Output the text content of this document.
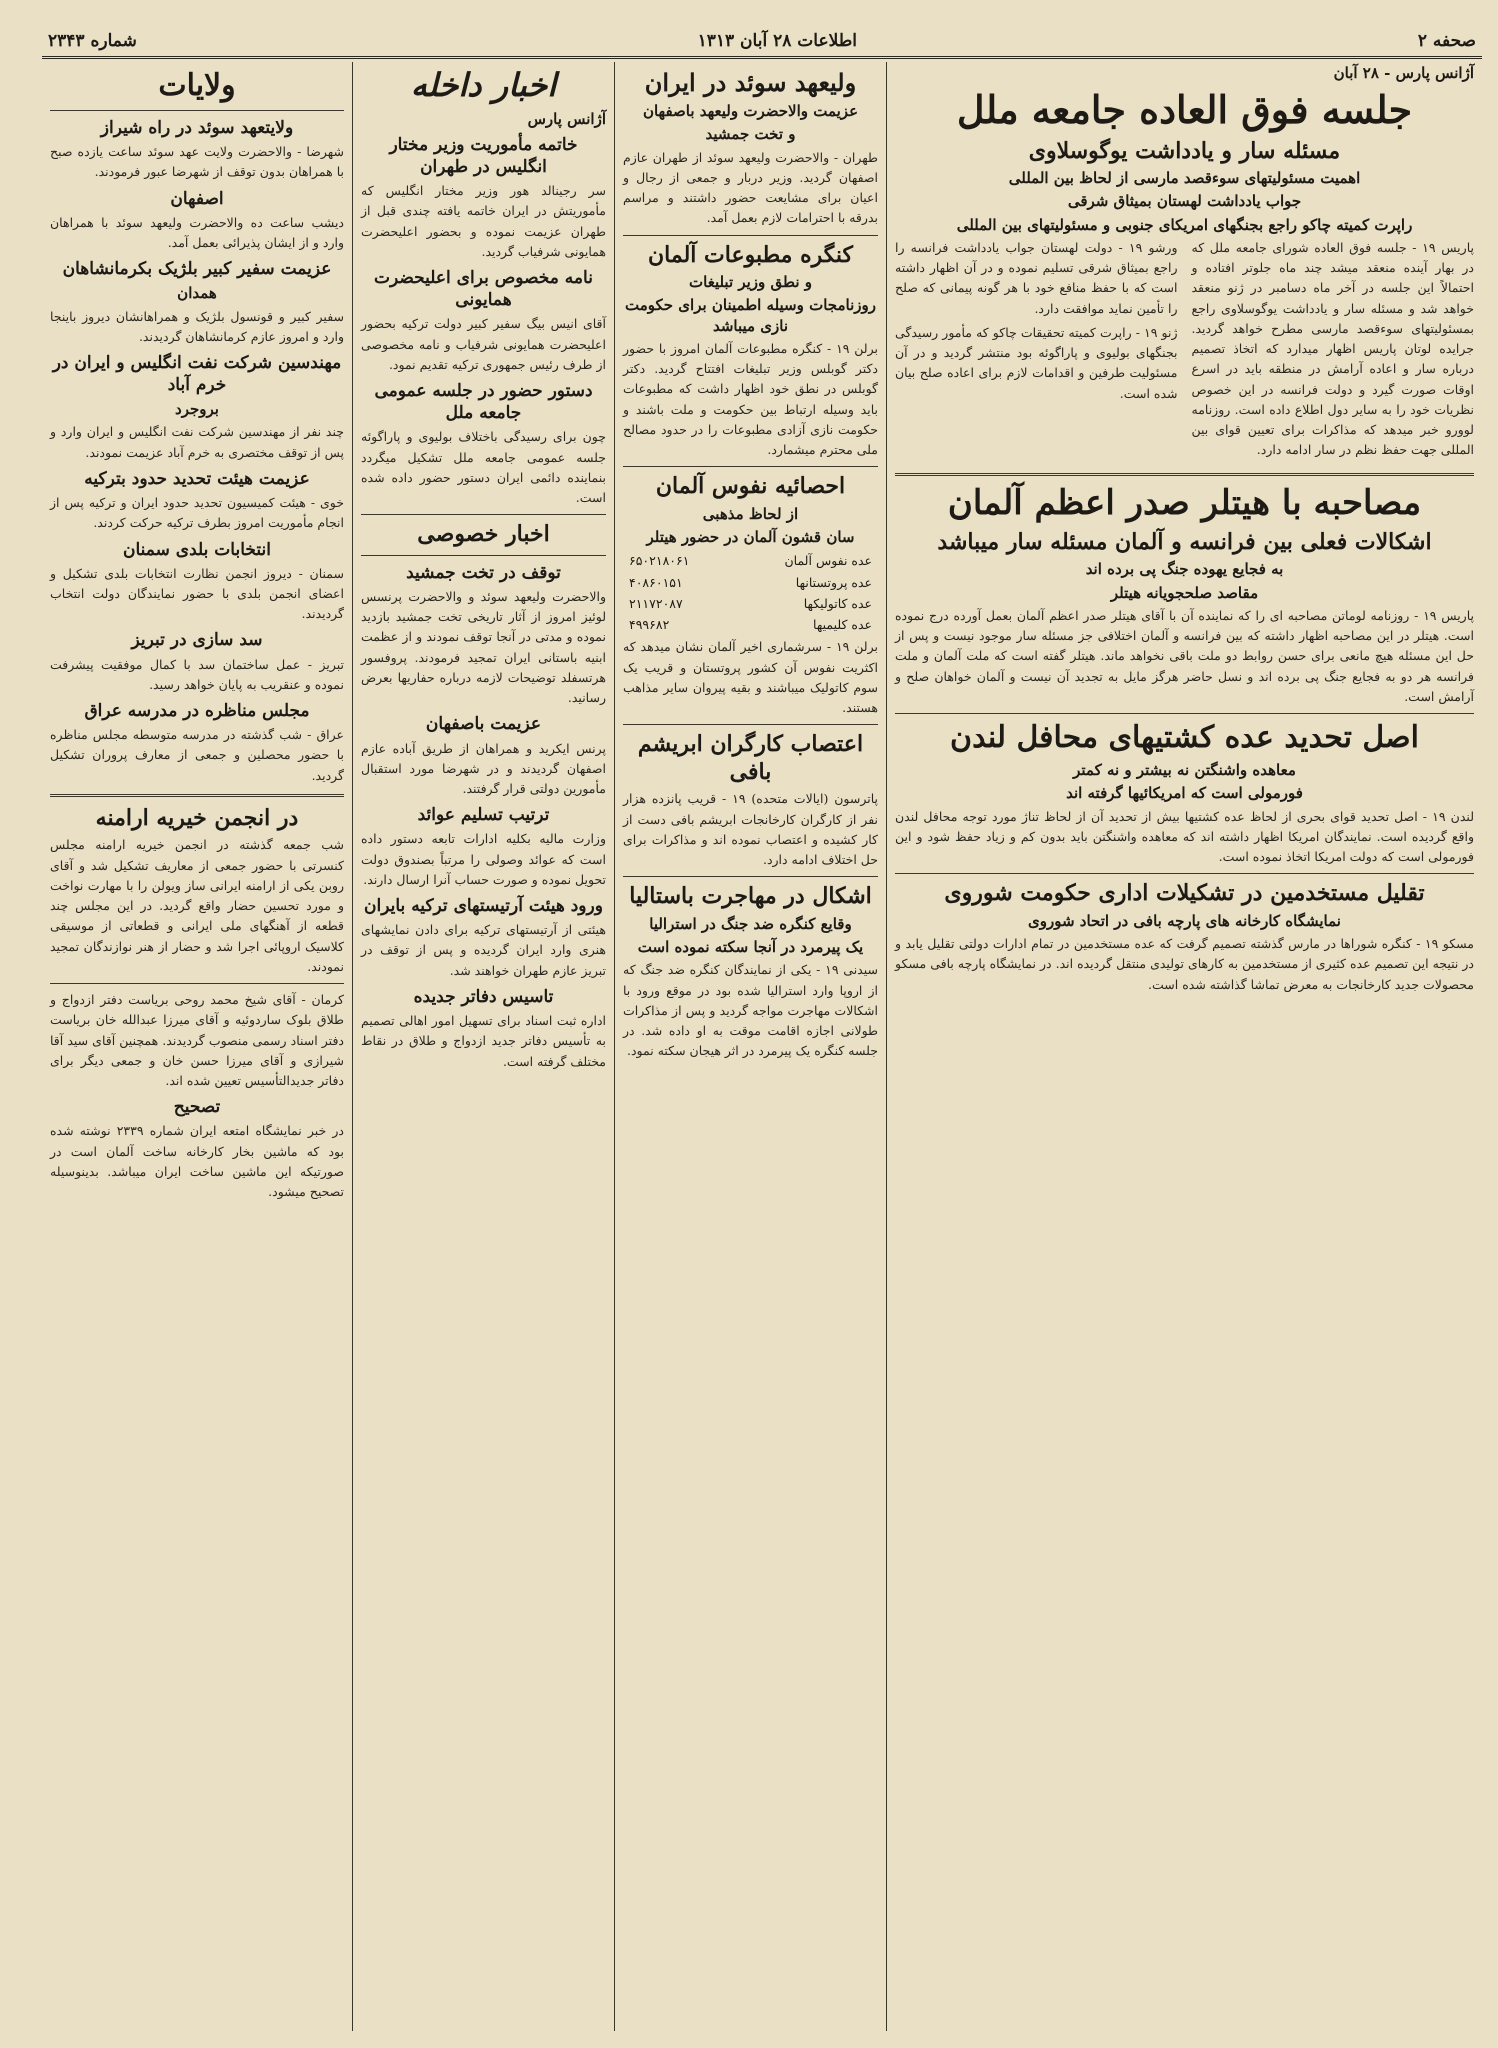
صحفه ۲
اطلاعات ۲۸ آبان ۱۳۱۳
شماره ۲۳۴۳
آژانس پارس - ۲۸ آبان
جلسه فوق العاده جامعه ملل
مسئله سار و یادداشت یوگوسلاوی
اهمیت مسئولیتهای سوءقصد مارسی از لحاظ بین المللی
جواب یادداشت لهستان بمیثاق شرقی
راپرت کمیته چاکو راجع بجنگهای امریکای جنوبی و مسئولیتهای بین المللی

پاریس ۱۹ - جلسه فوق العاده شورای جامعه ملل که در بهار آینده منعقد میشد چند ماه جلوتر افتاده و احتمالاً این جلسه در آخر ماه دسامبر در ژنو منعقد خواهد شد و مسئله سار و یادداشت یوگوسلاوی راجع بمسئولیتهای سوءقصد مارسی مطرح خواهد گردید. جرایده لوتان پاریس اظهار میدارد که اتخاذ تصمیم درباره سار و اعاده آرامش در منطقه باید در اسرع اوقات صورت گیرد و دولت فرانسه در این خصوص نظریات خود را به سایر دول اطلاع داده است. روزنامه لوورو خبر میدهد که مذاکرات برای تعیین قوای بین المللی جهت حفظ نظم در سار ادامه دارد.

ورشو ۱۹ - دولت لهستان جواب یادداشت فرانسه را راجع بمیثاق شرقی تسلیم نموده و در آن اظهار داشته است که با حفظ منافع خود با هر گونه پیمانی که صلح را تأمین نماید موافقت دارد.

ژنو ۱۹ - راپرت کمیته تحقیقات چاکو که مأمور رسیدگی بجنگهای بولیوی و پاراگوئه بود منتشر گردید و در آن مسئولیت طرفین و اقدامات لازم برای اعاده صلح بیان شده است.

مصاحبه با هیتلر صدر اعظم آلمان
اشکالات فعلی بین فرانسه و آلمان مسئله سار میباشد
به فجایع یهوده جنگ پی برده اند
مقاصد صلحجویانه هیتلر

پاریس ۱۹ - روزنامه لوماتن مصاحبه ای را که نماینده آن با آقای هیتلر صدر اعظم آلمان بعمل آورده درج نموده است. هیتلر در این مصاحبه اظهار داشته که بین فرانسه و آلمان اختلافی جز مسئله سار موجود نیست و پس از حل این مسئله هیچ مانعی برای حسن روابط دو ملت باقی نخواهد ماند. هیتلر گفته است که ملت آلمان و ملت فرانسه هر دو به فجایع جنگ پی برده اند و نسل حاضر هرگز مایل به تجدید آن نیست و آلمان خواهان صلح و آرامش است.

اصل تحدید عده کشتیهای محافل لندن
معاهده واشنگتن نه بیشتر و نه کمتر
فورمولی است که امریکائیها گرفته اند

لندن ۱۹ - اصل تحدید قوای بحری از لحاظ عده کشتیها بیش از تحدید آن از لحاظ تناژ مورد توجه محافل لندن واقع گردیده است. نمایندگان امریکا اظهار داشته اند که معاهده واشنگتن باید بدون کم و زیاد حفظ شود و این فورمولی است که دولت امریکا اتخاذ نموده است.

تقلیل مستخدمین در تشکیلات اداری حکومت شوروی
نمایشگاه کارخانه های پارچه بافی در اتحاد شوروی

مسکو ۱۹ - کنگره شوراها در مارس گذشته تصمیم گرفت که عده مستخدمین در تمام ادارات دولتی تقلیل یابد و در نتیجه این تصمیم عده کثیری از مستخدمین به کارهای تولیدی منتقل گردیده اند. در نمایشگاه پارچه بافی مسکو محصولات جدید کارخانجات به معرض تماشا گذاشته شده است.

ولیعهد سوئد در ایران
عزیمت والاحضرت ولیعهد باصفهان
و تخت جمشید

طهران - والاحضرت ولیعهد سوئد از طهران عازم اصفهان گردید. وزیر دربار و جمعی از رجال و اعیان برای مشایعت حضور داشتند و مراسم بدرقه با احترامات لازم بعمل آمد.

کنگره مطبوعات آلمان
و نطق وزیر تبلیغات
روزنامجات وسیله اطمینان برای حکومت نازی میباشد

برلن ۱۹ - کنگره مطبوعات آلمان امروز با حضور دکتر گوبلس وزیر تبلیغات افتتاح گردید. دکتر گوبلس در نطق خود اظهار داشت که مطبوعات باید وسیله ارتباط بین حکومت و ملت باشند و حکومت نازی آزادی مطبوعات را در حدود مصالح ملی محترم میشمارد.

احصائیه نفوس آلمان
از لحاظ مذهبی
سان قشون آلمان در حضور هیتلر
عده نفوس آلمان
۶۵۰۲۱۸۰۶۱
عده پروتستانها
۴۰۸۶۰۱۵۱
عده کاتولیکها
۲۱۱۷۲۰۸۷
عده کلیمیها
۴۹۹۶۸۲

برلن ۱۹ - سرشماری اخیر آلمان نشان میدهد که اکثریت نفوس آن کشور پروتستان و قریب یک سوم کاتولیک میباشند و بقیه پیروان سایر مذاهب هستند.

اعتصاب کارگران ابریشم بافی

پاترسون (ایالات متحده) ۱۹ - قریب پانزده هزار نفر از کارگران کارخانجات ابریشم بافی دست از کار کشیده و اعتصاب نموده اند و مذاکرات برای حل اختلاف ادامه دارد.

اشکال در مهاجرت باستالیا
وقایع کنگره ضد جنگ در استرالیا
یک پیرمرد در آنجا سکته نموده است

سیدنی ۱۹ - یکی از نمایندگان کنگره ضد جنگ که از اروپا وارد استرالیا شده بود در موقع ورود با اشکالات مهاجرت مواجه گردید و پس از مذاکرات طولانی اجازه اقامت موقت به او داده شد. در جلسه کنگره یک پیرمرد در اثر هیجان سکته نمود.

اخبار داخله
آژانس پارس
خاتمه مأموریت وزیر مختار انگلیس در طهران

سر رجینالد هور وزیر مختار انگلیس که مأموریتش در ایران خاتمه یافته چندی قبل از طهران عزیمت نموده و بحضور اعلیحضرت همایونی شرفیاب گردید.

نامه مخصوص برای اعلیحضرت همایونی

آقای انیس بیگ سفیر کبیر دولت ترکیه بحضور اعلیحضرت همایونی شرفیاب و نامه مخصوصی از طرف رئیس جمهوری ترکیه تقدیم نمود.

دستور حضور در جلسه عمومی جامعه ملل

چون برای رسیدگی باختلاف بولیوی و پاراگوئه جلسه عمومی جامعه ملل تشکیل میگردد بنماینده دائمی ایران دستور حضور داده شده است.

اخبار خصوصی
توقف در تخت جمشید

والاحضرت ولیعهد سوئد و والاحضرت پرنسس لوئیز امروز از آثار تاریخی تخت جمشید بازدید نموده و مدتی در آنجا توقف نمودند و از عظمت ابنیه باستانی ایران تمجید فرمودند. پروفسور هرتسفلد توضیحات لازمه درباره حفاریها بعرض رسانید.

عزیمت باصفهان

پرنس ایکرید و همراهان از طریق آباده عازم اصفهان گردیدند و در شهرضا مورد استقبال مأمورین دولتی قرار گرفتند.

ترتیب تسلیم عوائد

وزارت مالیه بکلیه ادارات تابعه دستور داده است که عوائد وصولی را مرتباً بصندوق دولت تحویل نموده و صورت حساب آنرا ارسال دارند.

ورود هیئت آرتیستهای ترکیه بایران

هیئتی از آرتیستهای ترکیه برای دادن نمایشهای هنری وارد ایران گردیده و پس از توقف در تبریز عازم طهران خواهند شد.

تاسیس دفاتر جدیده

اداره ثبت اسناد برای تسهیل امور اهالی تصمیم به تأسیس دفاتر جدید ازدواج و طلاق در نقاط مختلف گرفته است.

ولایات
ولایتعهد سوئد در راه شیراز

شهرضا - والاحضرت ولایت عهد سوئد ساعت یازده صبح با همراهان بدون توقف از شهرضا عبور فرمودند.

اصفهان

دیشب ساعت ده والاحضرت ولیعهد سوئد با همراهان وارد و از ایشان پذیرائی بعمل آمد.

عزیمت سفیر کبیر بلژیک بکرمانشاهان
همدان

سفیر کبیر و قونسول بلژیک و همراهانشان دیروز باینجا وارد و امروز عازم کرمانشاهان گردیدند.

مهندسین شرکت نفت انگلیس و ایران در خرم آباد
بروجرد

چند نفر از مهندسین شرکت نفت انگلیس و ایران وارد و پس از توقف مختصری به خرم آباد عزیمت نمودند.

عزیمت هیئت تحدید حدود بترکیه

خوی - هیئت کمیسیون تحدید حدود ایران و ترکیه پس از انجام مأموریت امروز بطرف ترکیه حرکت کردند.

انتخابات بلدی سمنان

سمنان - دیروز انجمن نظارت انتخابات بلدی تشکیل و اعضای انجمن بلدی با حضور نمایندگان دولت انتخاب گردیدند.

سد سازی در تبریز

تبریز - عمل ساختمان سد با کمال موفقیت پیشرفت نموده و عنقریب به پایان خواهد رسید.

مجلس مناظره در مدرسه عراق

عراق - شب گذشته در مدرسه متوسطه مجلس مناظره با حضور محصلین و جمعی از معارف پروران تشکیل گردید.

در انجمن خیریه ارامنه

شب جمعه گذشته در انجمن خیریه ارامنه مجلس کنسرتی با حضور جمعی از معاریف تشکیل شد و آقای روبن یکی از ارامنه ایرانی ساز ویولن را با مهارت نواخت و مورد تحسین حضار واقع گردید. در این مجلس چند قطعه از آهنگهای ملی ایرانی و قطعاتی از موسیقی کلاسیک اروپائی اجرا شد و حضار از هنر نوازندگان تمجید نمودند.

کرمان - آقای شیخ محمد روحی بریاست دفتر ازدواج و طلاق بلوک ساردوئیه و آقای میرزا عبدالله خان بریاست دفتر اسناد رسمی منصوب گردیدند. همچنین آقای سید آقا شیرازی و آقای میرزا حسن خان و جمعی دیگر برای دفاتر جدیدالتأسیس تعیین شده اند.

تصحیح

در خبر نمایشگاه امتعه ایران شماره ۲۳۳۹ نوشته شده بود که ماشین بخار کارخانه ساخت آلمان است در صورتیکه این ماشین ساخت ایران میباشد. بدینوسیله تصحیح میشود.
